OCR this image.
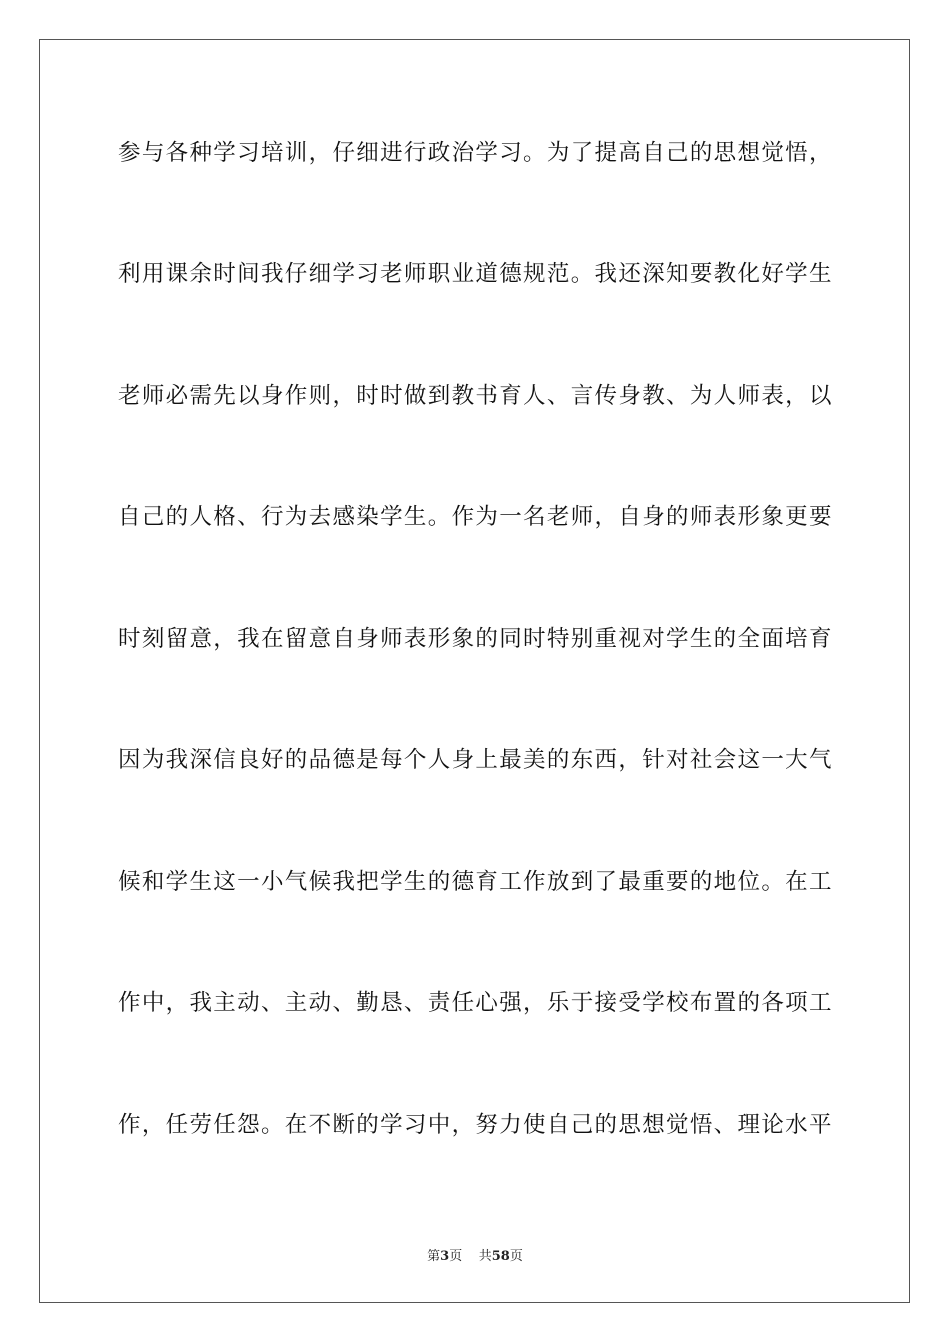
参与各种学习培训，仔细进行政治学习。为了提高自己的思想觉悟，
利用课余时间我仔细学习老师职业道德规范。我还深知要教化好学生
老师必需先以身作则，时时做到教书育人、言传身教、为人师表，以
自己的人格、行为去感染学生。作为一名老师，自身的师表形象更要
时刻留意，我在留意自身师表形象的同时特别重视对学生的全面培育
因为我深信良好的品德是每个人身上最美的东西，针对社会这一大气
候和学生这一小气候我把学生的德育工作放到了最重要的地位。在工
作中，我主动、主动、勤恳、责任心强，乐于接受学校布置的各项工
作，任劳任怨。在不断的学习中，努力使自己的思想觉悟、理论水平
第3页 共58页
